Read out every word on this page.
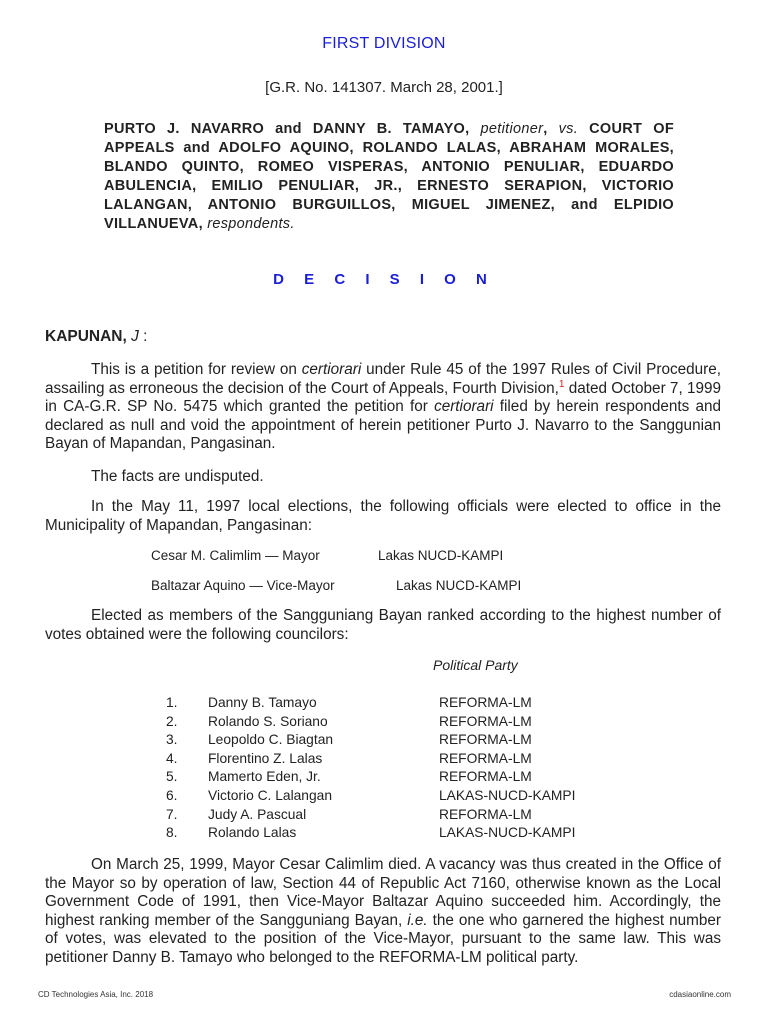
FIRST DIVISION
[G.R. No. 141307. March 28, 2001.]
PURTO J. NAVARRO and DANNY B. TAMAYO, petitioner, vs. COURT OF APPEALS and ADOLFO AQUINO, ROLANDO LALAS, ABRAHAM MORALES, BLANDO QUINTO, ROMEO VISPERAS, ANTONIO PENULIAR, EDUARDO ABULENCIA, EMILIO PENULIAR, JR., ERNESTO SERAPION, VICTORIO LALANGAN, ANTONIO BURGUILLOS, MIGUEL JIMENEZ, and ELPIDIO VILLANUEVA, respondents.
D E C I S I O N
KAPUNAN, J :
This is a petition for review on certiorari under Rule 45 of the 1997 Rules of Civil Procedure, assailing as erroneous the decision of the Court of Appeals, Fourth Division,$^1$ dated October 7, 1999 in CA-G.R. SP No. 5475 which granted the petition for certiorari filed by herein respondents and declared as null and void the appointment of herein petitioner Purto J. Navarro to the Sanggunian Bayan of Mapandan, Pangasinan.
The facts are undisputed.
In the May 11, 1997 local elections, the following officials were elected to office in the Municipality of Mapandan, Pangasinan:
Cesar M. Calimlim — Mayor	Lakas NUCD-KAMPI
Baltazar Aquino — Vice-Mayor	Lakas NUCD-KAMPI
Elected as members of the Sangguniang Bayan ranked according to the highest number of votes obtained were the following councilors:
Political Party
1.	Danny B. Tamayo	REFORMA-LM
2.	Rolando S. Soriano	REFORMA-LM
3.	Leopoldo C. Biagtan	REFORMA-LM
4.	Florentino Z. Lalas	REFORMA-LM
5.	Mamerto Eden, Jr.	REFORMA-LM
6.	Victorio C. Lalangan	LAKAS-NUCD-KAMPI
7.	Judy A. Pascual	REFORMA-LM
8.	Rolando Lalas	LAKAS-NUCD-KAMPI
On March 25, 1999, Mayor Cesar Calimlim died. A vacancy was thus created in the Office of the Mayor so by operation of law, Section 44 of Republic Act 7160, otherwise known as the Local Government Code of 1991, then Vice-Mayor Baltazar Aquino succeeded him. Accordingly, the highest ranking member of the Sangguniang Bayan, i.e. the one who garnered the highest number of votes, was elevated to the position of the Vice-Mayor, pursuant to the same law. This was petitioner Danny B. Tamayo who belonged to the REFORMA-LM political party.
CD Technologies Asia, Inc. 2018	cdasiaonline.com
